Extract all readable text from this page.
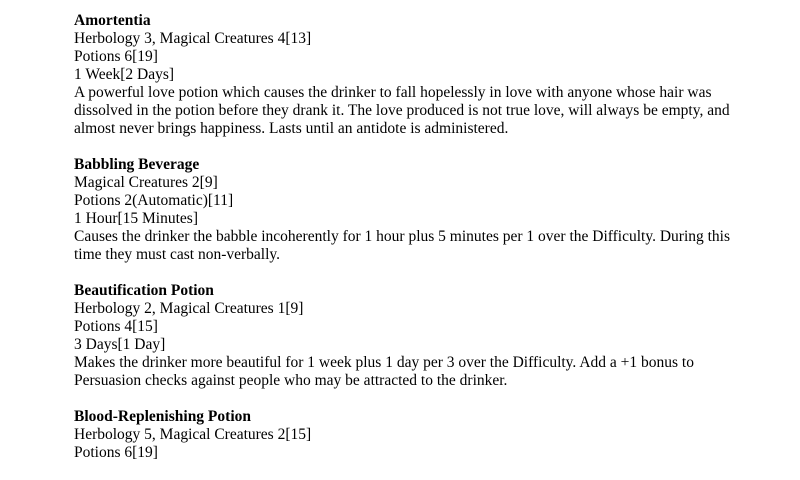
Amortentia
Herbology 3, Magical Creatures 4[13]
Potions 6[19]
1 Week[2 Days]
A powerful love potion which causes the drinker to fall hopelessly in love with anyone whose hair was dissolved in the potion before they drank it. The love produced is not true love, will always be empty, and almost never brings happiness. Lasts until an antidote is administered.
Babbling Beverage
Magical Creatures 2[9]
Potions 2(Automatic)[11]
1 Hour[15 Minutes]
Causes the drinker the babble incoherently for 1 hour plus 5 minutes per 1 over the Difficulty. During this time they must cast non-verbally.
Beautification Potion
Herbology 2, Magical Creatures 1[9]
Potions 4[15]
3 Days[1 Day]
Makes the drinker more beautiful for 1 week plus 1 day per 3 over the Difficulty. Add a +1 bonus to Persuasion checks against people who may be attracted to the drinker.
Blood-Replenishing Potion
Herbology 5, Magical Creatures 2[15]
Potions 6[19]
